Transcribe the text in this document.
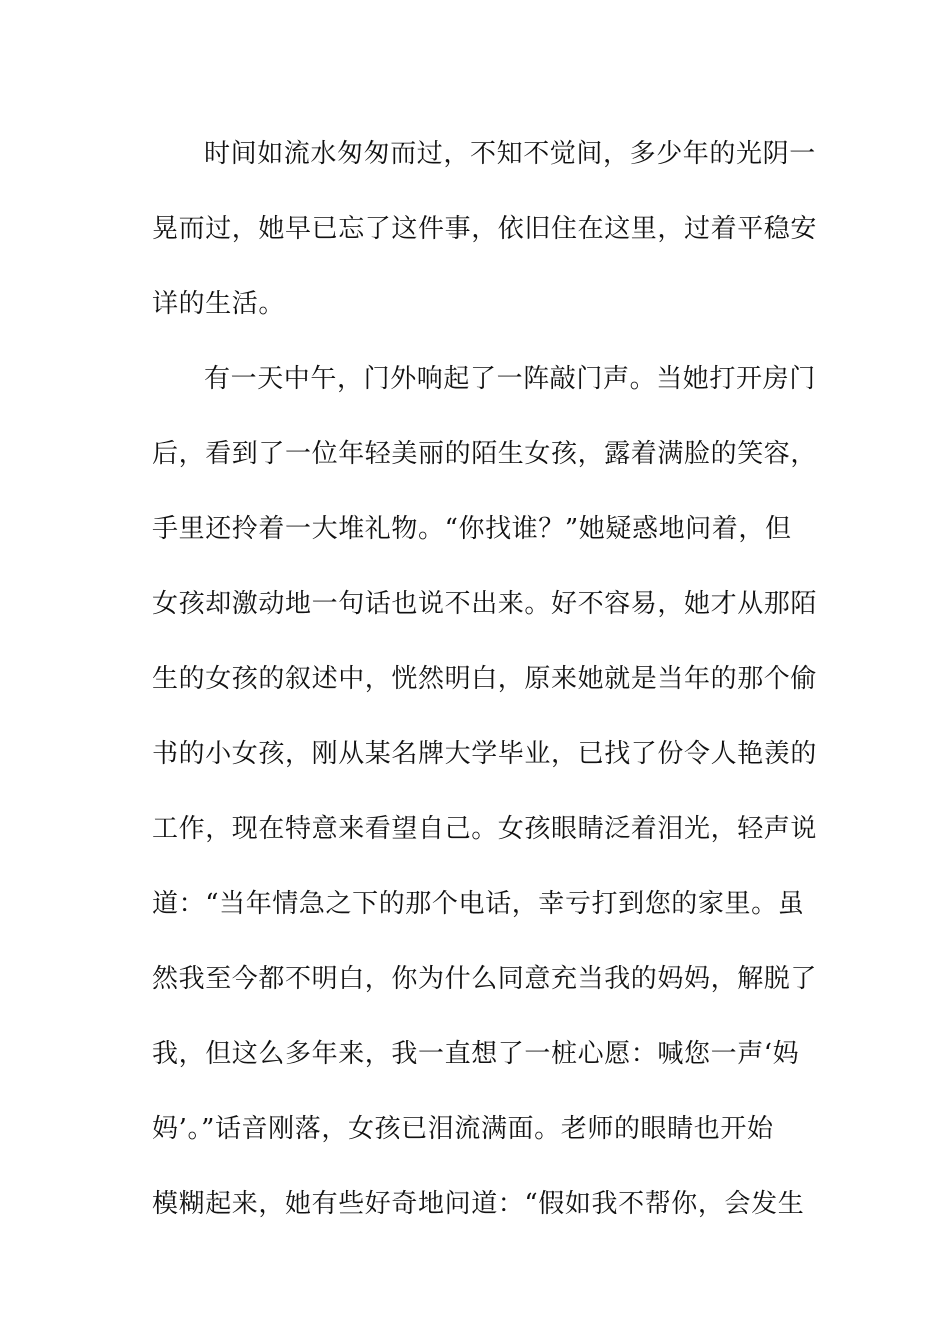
时间如流水匆匆而过，不知不觉间，多少年的光阴一
晃而过，她早已忘了这件事，依旧住在这里，过着平稳安
详的生活。
有一天中午，门外响起了一阵敲门声。当她打开房门
后，看到了一位年轻美丽的陌生女孩，露着满脸的笑容，
手里还拎着一大堆礼物。“你找谁？”她疑惑地问着，但
女孩却激动地一句话也说不出来。好不容易，她才从那陌
生的女孩的叙述中，恍然明白，原来她就是当年的那个偷
书的小女孩，刚从某名牌大学毕业，已找了份令人艳羡的
工作，现在特意来看望自己。女孩眼睛泛着泪光，轻声说
道：“当年情急之下的那个电话，幸亏打到您的家里。虽
然我至今都不明白，你为什么同意充当我的妈妈，解脱了
我，但这么多年来，我一直想了一桩心愿：喊您一声‘妈
妈’。”话音刚落，女孩已泪流满面。老师的眼睛也开始
模糊起来，她有些好奇地问道：“假如我不帮你，会发生
